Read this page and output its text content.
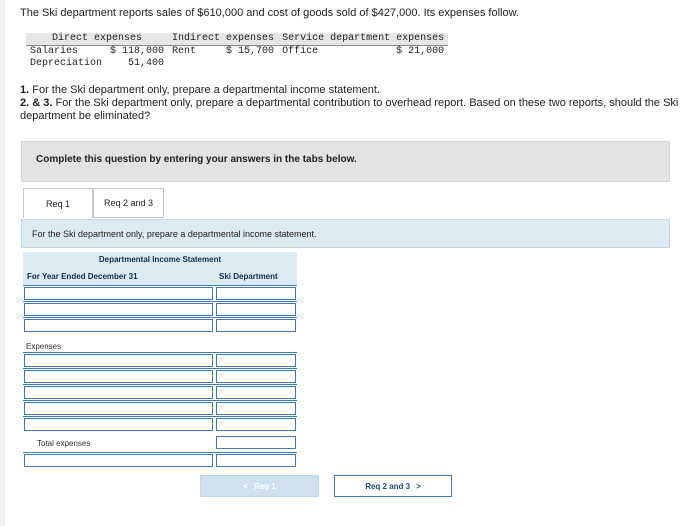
The Ski department reports sales of $610,000 and cost of goods sold of $427,000. Its expenses follow.
Direct expenses		Indirect expenses		Service department expenses	
Salaries	$ 118,000	Rent	$ 15,700	Office	$ 21,000
Depreciation	51,400				
1. For the Ski department only, prepare a departmental income statement.
2. & 3. For the Ski department only, prepare a departmental contribution to overhead report. Based on these two reports, should the Ski department be eliminated?
Complete this question by entering your answers in the tabs below.
Req 1	Req 2 and 3
For the Ski department only, prepare a departmental income statement.
Departmental Income Statement
For Year Ended December 31	Ski Department
Expenses
Total expenses
< Req 1	Req 2 and 3 >
